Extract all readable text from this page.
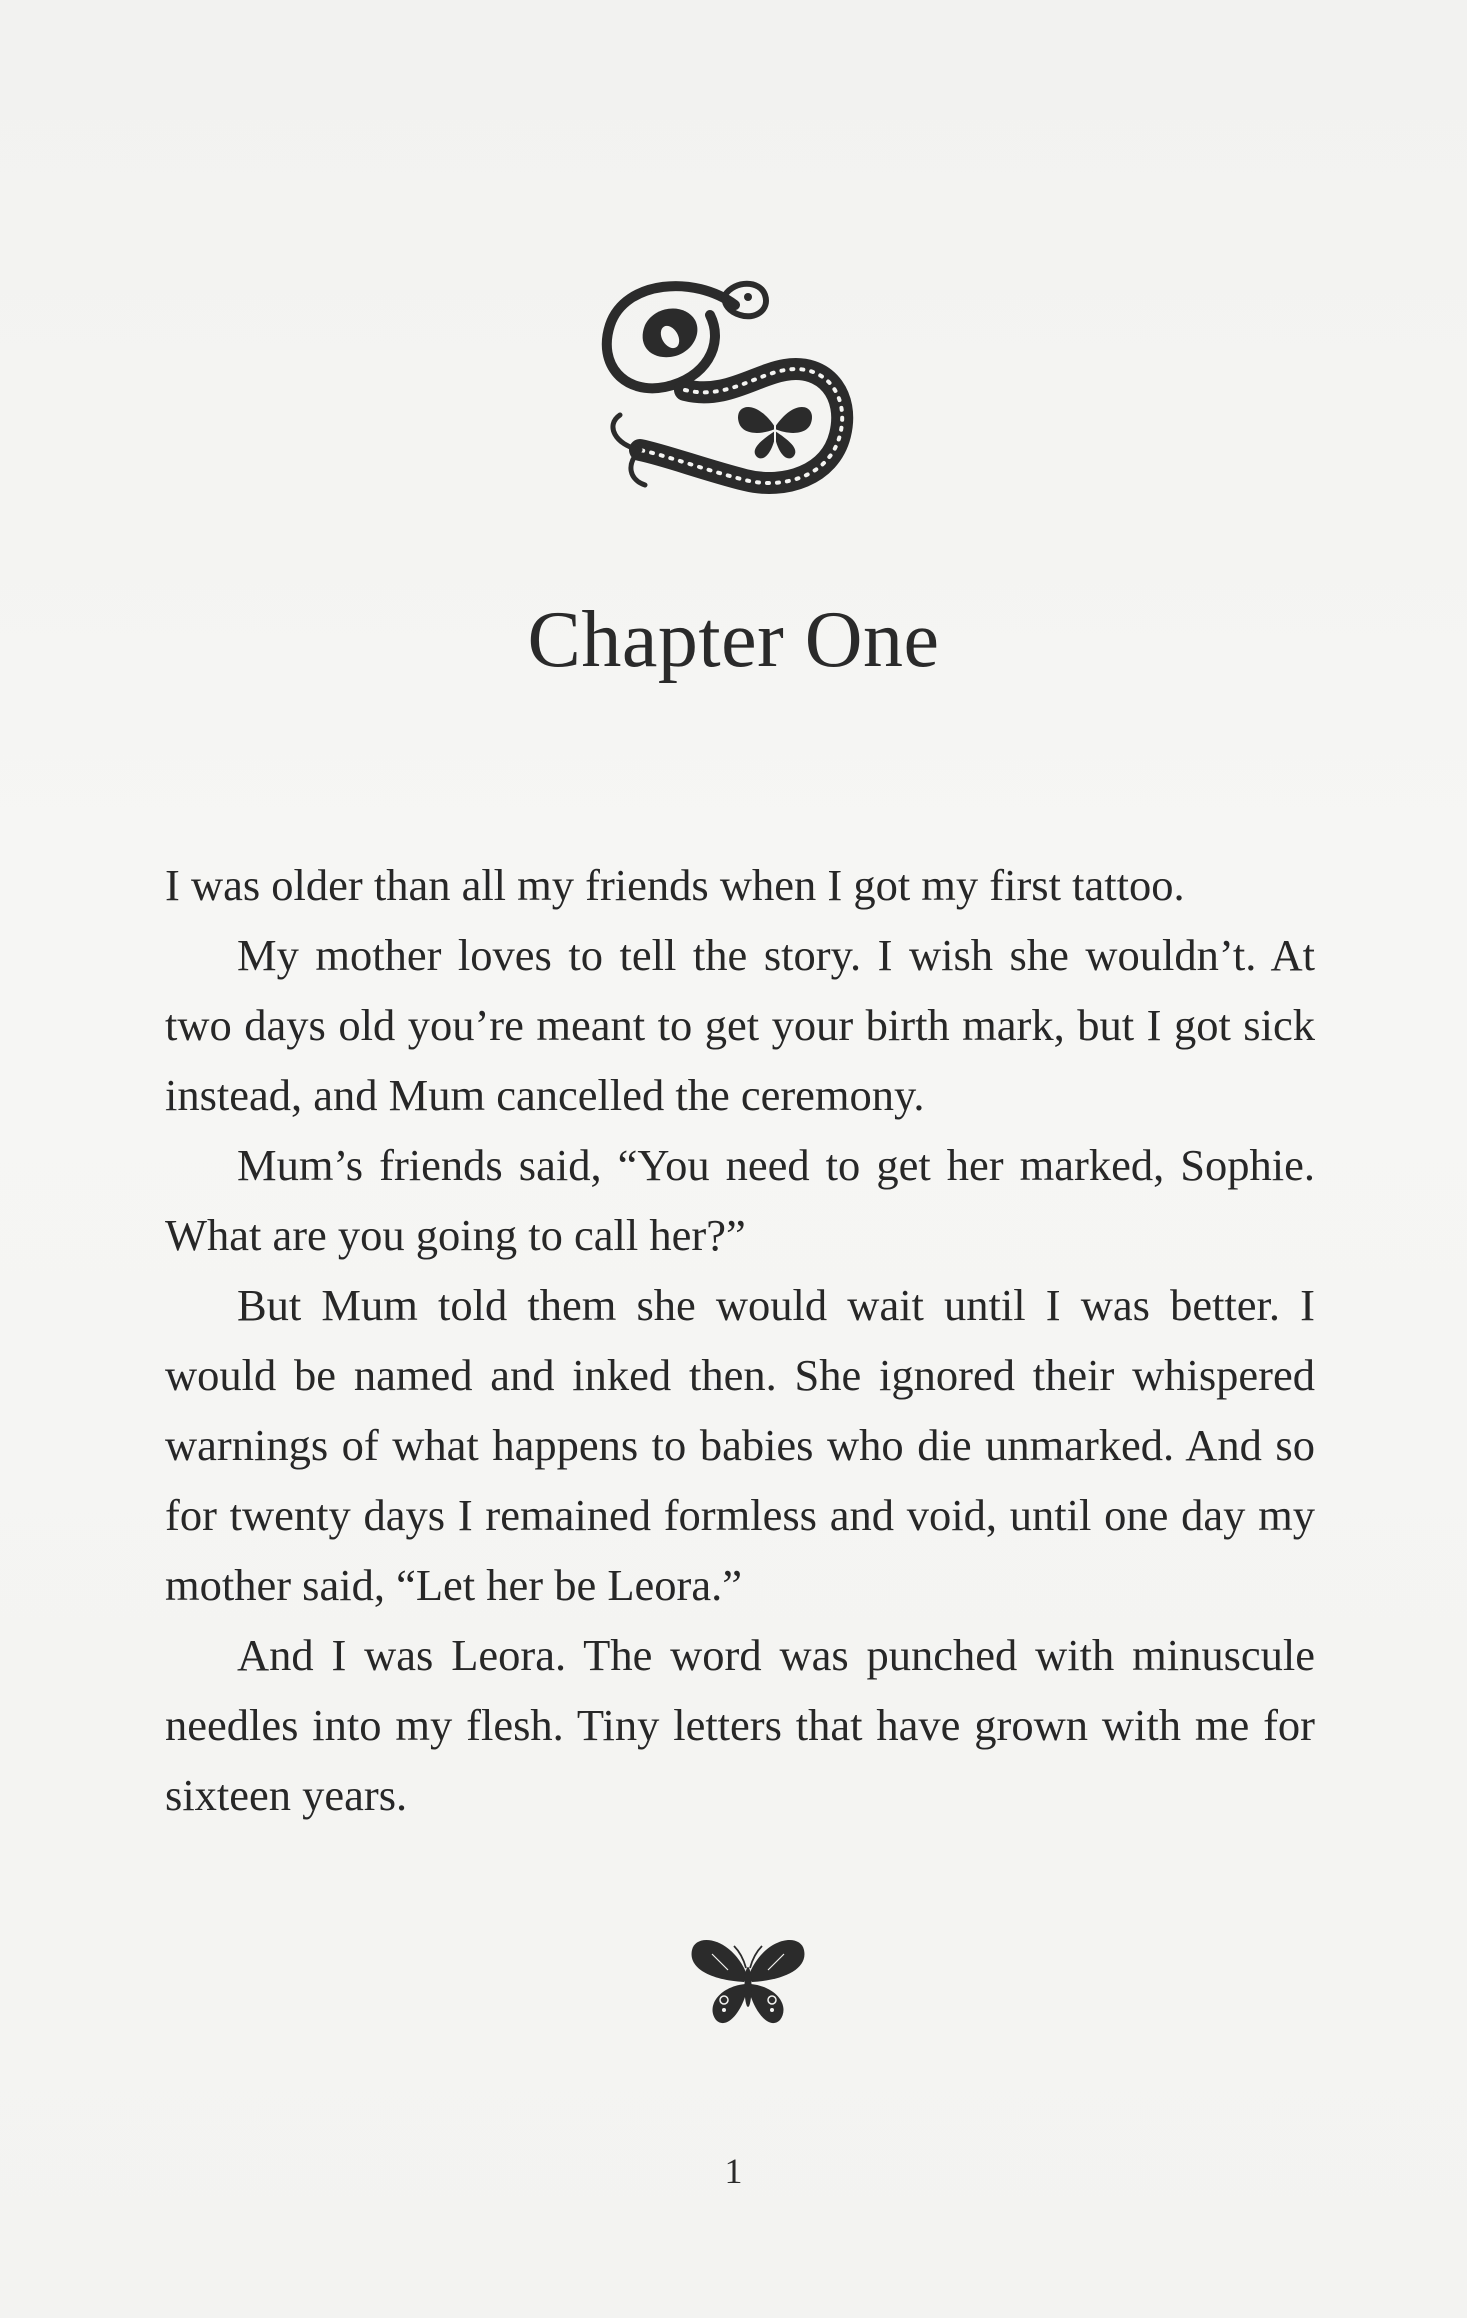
Chapter One

I was older than all my friends when I got my first tattoo.

My mother loves to tell the story. I wish she wouldn’t. At two days old you’re meant to get your birth mark, but I got sick instead, and Mum cancelled the ceremony.

Mum’s friends said, “You need to get her marked, Sophie. What are you going to call her?”

But Mum told them she would wait until I was better. I would be named and inked then. She ignored their whispered warnings of what happens to babies who die unmarked. And so for twenty days I remained formless and void, until one day my mother said, “Let her be Leora.”

And I was Leora. The word was punched with minuscule needles into my flesh. Tiny letters that have grown with me for sixteen years.

1
